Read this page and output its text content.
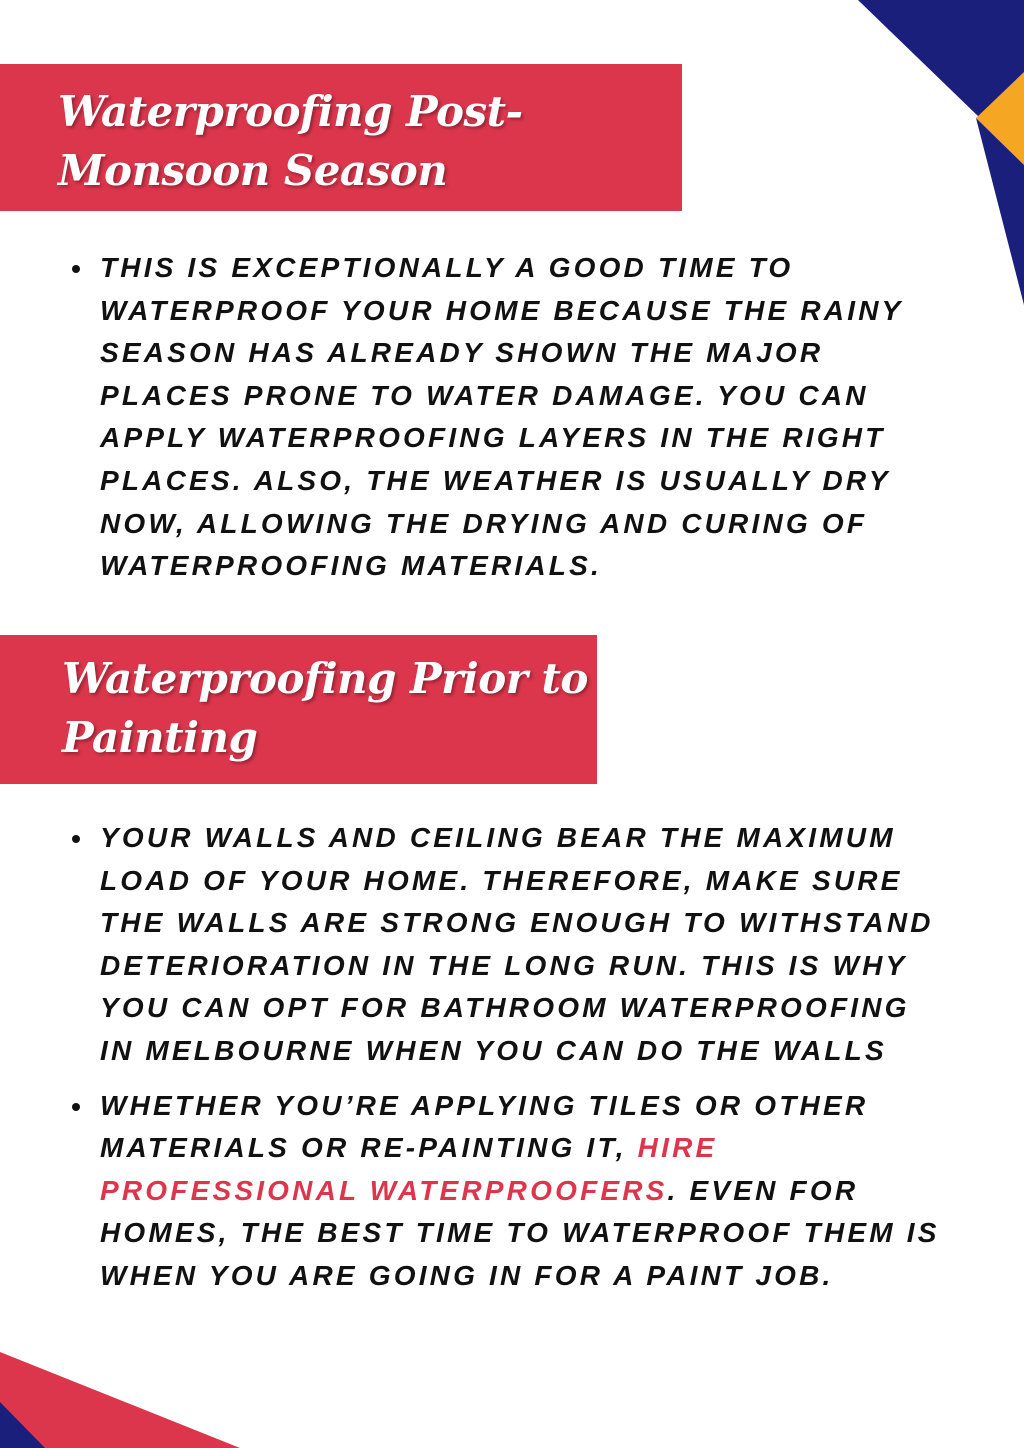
Waterproofing Post-Monsoon Season
THIS IS EXCEPTIONALLY A GOOD TIME TO WATERPROOF YOUR HOME BECAUSE THE RAINY SEASON HAS ALREADY SHOWN THE MAJOR PLACES PRONE TO WATER DAMAGE. YOU CAN APPLY WATERPROOFING LAYERS IN THE RIGHT PLACES. ALSO, THE WEATHER IS USUALLY DRY NOW, ALLOWING THE DRYING AND CURING OF WATERPROOFING MATERIALS.
Waterproofing Prior to Painting
YOUR WALLS AND CEILING BEAR THE MAXIMUM LOAD OF YOUR HOME. THEREFORE, MAKE SURE THE WALLS ARE STRONG ENOUGH TO WITHSTAND DETERIORATION IN THE LONG RUN. THIS IS WHY YOU CAN OPT FOR BATHROOM WATERPROOFING IN MELBOURNE WHEN YOU CAN DO THE WALLS
WHETHER YOU’RE APPLYING TILES OR OTHER MATERIALS OR RE-PAINTING IT, HIRE PROFESSIONAL WATERPROOFERS. EVEN FOR HOMES, THE BEST TIME TO WATERPROOF THEM IS WHEN YOU ARE GOING IN FOR A PAINT JOB.
